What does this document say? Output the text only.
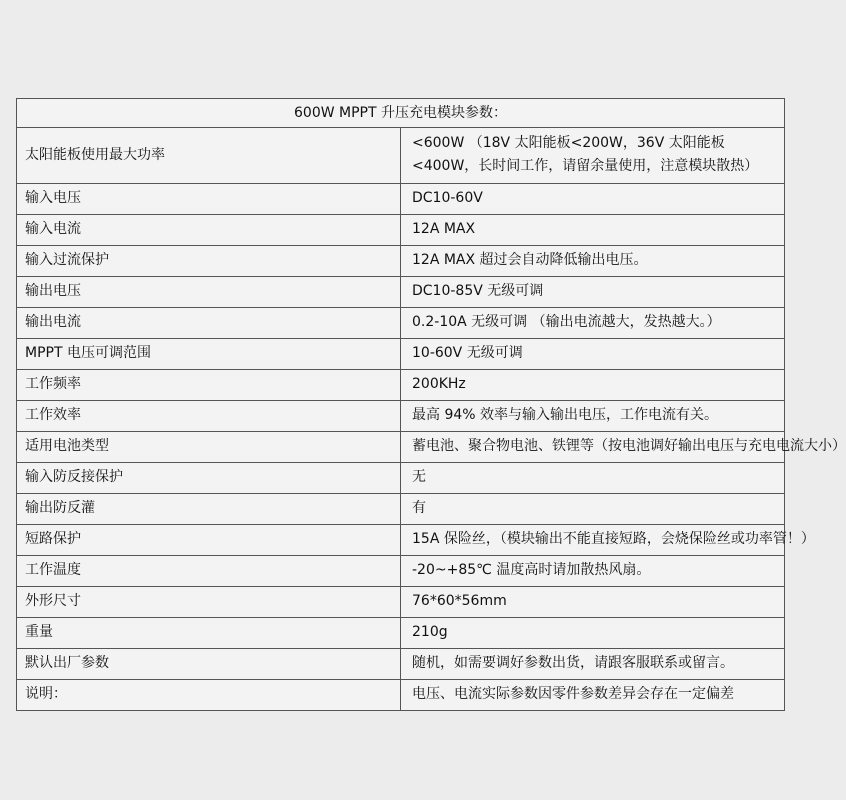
600W MPPT 升压充电模块参数：	
太阳能板使用最大功率	<600W （18V 太阳能板<200W，36V 太阳能板<400W，长时间工作，请留余量使用，注意模块散热）
输入电压	DC10-60V
输入电流	12A MAX
输入过流保护	12A MAX 超过会自动降低输出电压。
输出电压	DC10-85V 无级可调
输出电流	0.2-10A 无级可调 （输出电流越大，发热越大。）
MPPT 电压可调范围	10-60V 无级可调
工作频率	200KHz
工作效率	最高 94% 效率与输入输出电压，工作电流有关。
适用电池类型	蓄电池、聚合物电池、铁锂等（按电池调好输出电压与充电电流大小）
输入防反接保护	无
输出防反灌	有
短路保护	15A 保险丝，（模块输出不能直接短路，会烧保险丝或功率管！）
工作温度	-20~+85℃ 温度高时请加散热风扇。
外形尺寸	76*60*56mm
重量	210g
默认出厂参数	随机，如需要调好参数出货，请跟客服联系或留言。
说明：	电压、电流实际参数因零件参数差异会存在一定偏差
